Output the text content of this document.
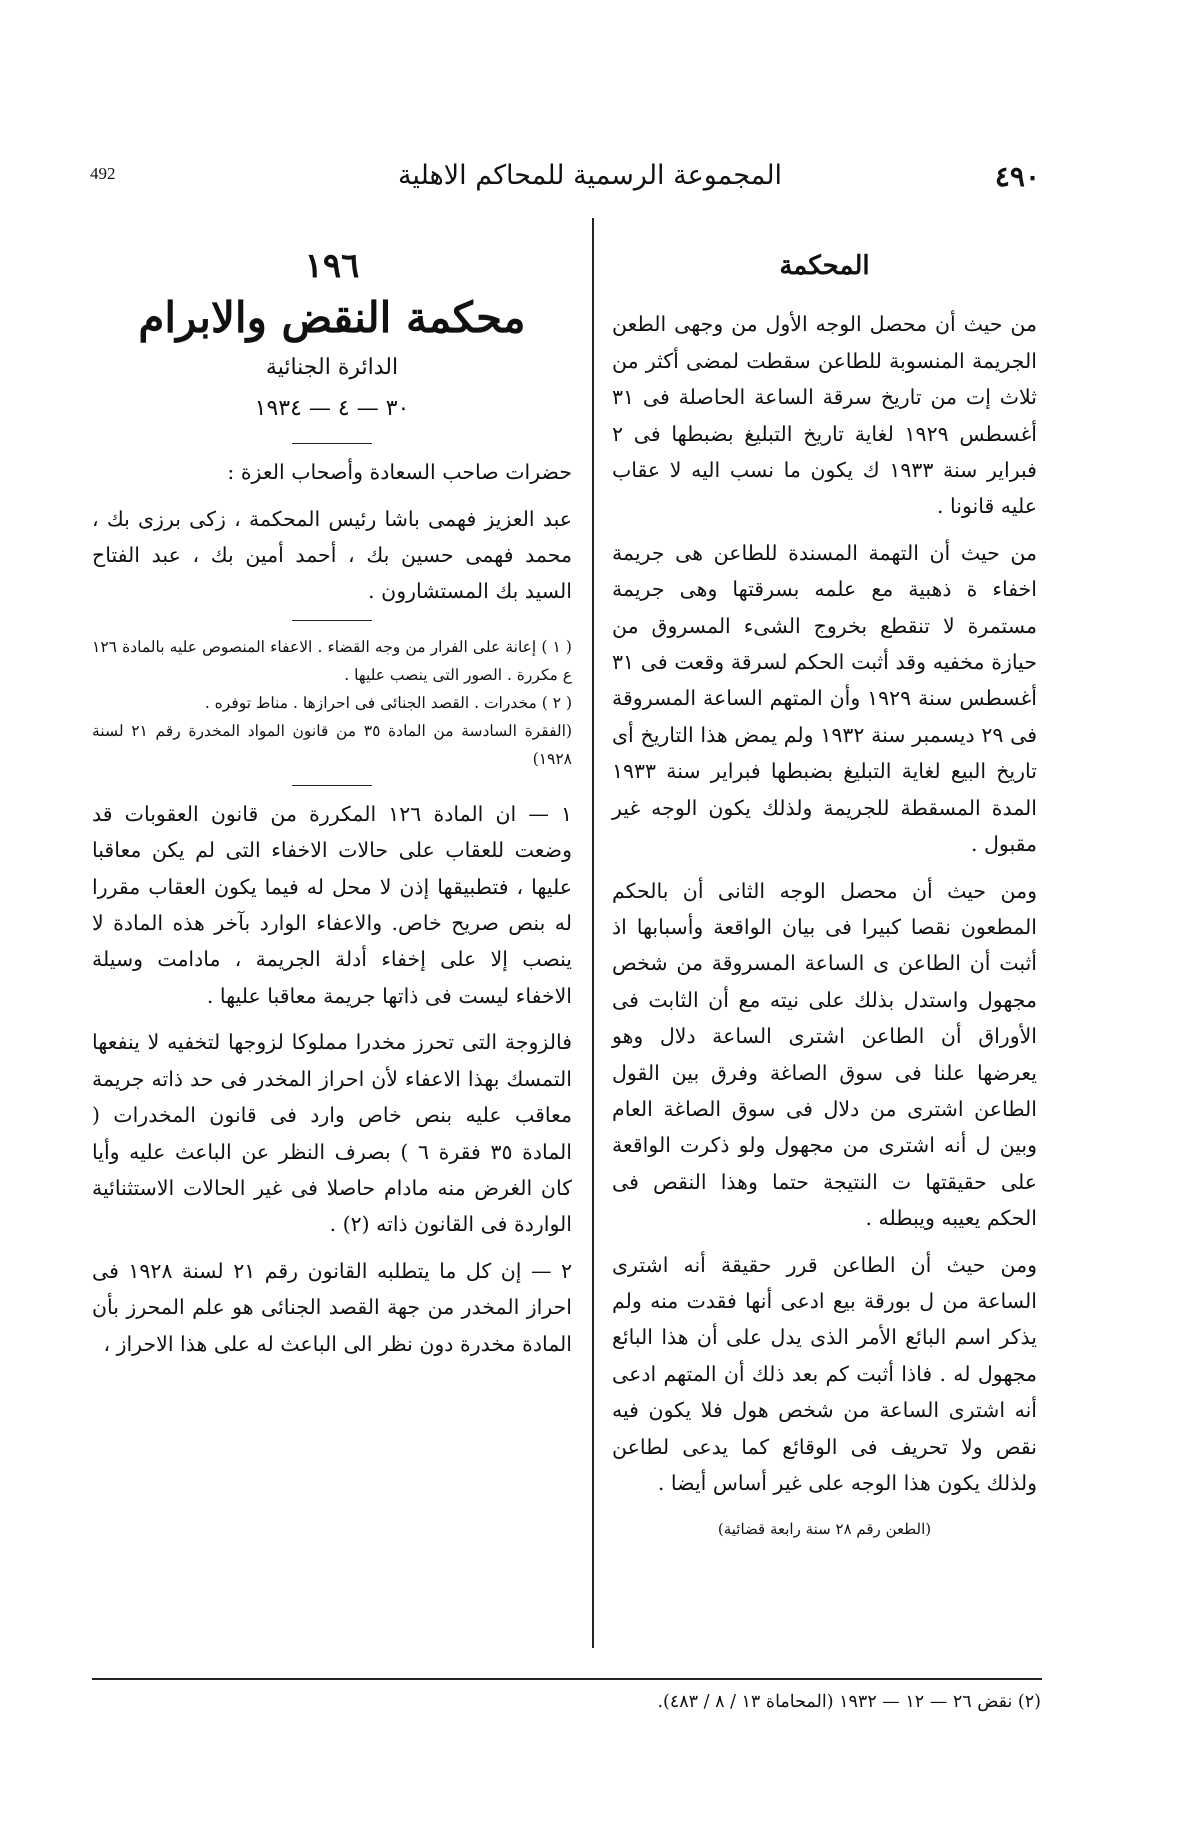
492	المجموعة الرسمية للمحاكم الاهلية	٤٩٠
المحكمة

من حيث أن محصل الوجه الأول من وجهى الطعن الجريمة المنسوبة للطاعن سقطت لمضى أكثر من ثلاث إت من تاريخ سرقة الساعة الحاصلة فى ٣١ أغسطس ١٩٢٩ لغاية تاريخ التبليغ بضبطها فى ٢ فبراير سنة ١٩٣٣ ك يكون ما نسب اليه لا عقاب عليه قانونا .

من حيث أن التهمة المسندة للطاعن هى جريمة اخفاء ة ذهبية مع علمه بسرقتها وهى جريمة مستمرة لا تنقطع بخروج الشىء المسروق من حيازة مخفيه وقد أثبت الحكم لسرقة وقعت فى ٣١ أغسطس سنة ١٩٢٩ وأن المتهم الساعة المسروقة فى ٢٩ ديسمبر سنة ١٩٣٢ ولم يمض هذا التاريخ أى تاريخ البيع لغاية التبليغ بضبطها فبراير سنة ١٩٣٣ المدة المسقطة للجريمة ولذلك يكون الوجه غير مقبول .

ومن حيث أن محصل الوجه الثانى أن بالحكم المطعون نقصا كبيرا فى بيان الواقعة وأسبابها اذ أثبت أن الطاعن ى الساعة المسروقة من شخص مجهول واستدل بذلك على نيته مع أن الثابت فى الأوراق أن الطاعن اشترى الساعة دلال وهو يعرضها علنا فى سوق الصاغة وفرق بين القول الطاعن اشترى من دلال فى سوق الصاغة العام وبين ل أنه اشترى من مجهول ولو ذكرت الواقعة على حقيقتها ت النتيجة حتما وهذا النقص فى الحكم يعيبه ويبطله .

ومن حيث أن الطاعن قرر حقيقة أنه اشترى الساعة من ل بورقة بيع ادعى أنها فقدت منه ولم يذكر اسم البائع الأمر الذى يدل على أن هذا البائع مجهول له . فاذا أثبت كم بعد ذلك أن المتهم ادعى أنه اشترى الساعة من شخص هول فلا يكون فيه نقص ولا تحريف فى الوقائع كما يدعى لطاعن ولذلك يكون هذا الوجه على غير أساس أيضا .

(الطعن رقم ٢٨ سنة رابعة قضائية)
١٩٦
محكمة النقض والابرام
الدائرة الجنائية
٣٠ — ٤ — ١٩٣٤

حضرات صاحب السعادة وأصحاب العزة :

عبد العزيز فهمى باشا رئيس المحكمة ، زكى برزى بك ، محمد فهمى حسين بك ، أحمد أمين بك ، عبد الفتاح السيد بك المستشارون .

( ١ ) إعانة على الفرار من وجه القضاء . الاعفاء المنصوص عليه بالمادة ١٢٦ ع مكررة . الصور التى ينصب عليها .

( ٢ ) مخدرات . القصد الجنائى فى احرازها . مناط توفره .

(الفقرة السادسة من المادة ٣٥ من قانون المواد المخدرة رقم ٢١ لسنة ١٩٢٨)

١ — ان المادة ١٢٦ المكررة من قانون العقوبات قد وضعت للعقاب على حالات الاخفاء التى لم يكن معاقبا عليها ، فتطبيقها إذن لا محل له فيما يكون العقاب مقررا له بنص صريح خاص. والاعفاء الوارد بآخر هذه المادة لا ينصب إلا على إخفاء أدلة الجريمة ، مادامت وسيلة الاخفاء ليست فى ذاتها جريمة معاقبا عليها .

فالزوجة التى تحرز مخدرا مملوكا لزوجها لتخفيه لا ينفعها التمسك بهذا الاعفاء لأن احراز المخدر فى حد ذاته جريمة معاقب عليه بنص خاص وارد فى قانون المخدرات ( المادة ٣٥ فقرة ٦ ) بصرف النظر عن الباعث عليه وأيا كان الغرض منه مادام حاصلا فى غير الحالات الاستثنائية الواردة فى القانون ذاته (٢) .

٢ — إن كل ما يتطلبه القانون رقم ٢١ لسنة ١٩٢٨ فى احراز المخدر من جهة القصد الجنائى هو علم المحرز بأن المادة مخدرة دون نظر الى الباعث له على هذا الاحراز ،

(٢) نقض ٢٦ — ١٢ — ١٩٣٢ (المحاماة ١٣ / ٨ / ٤٨٣).
